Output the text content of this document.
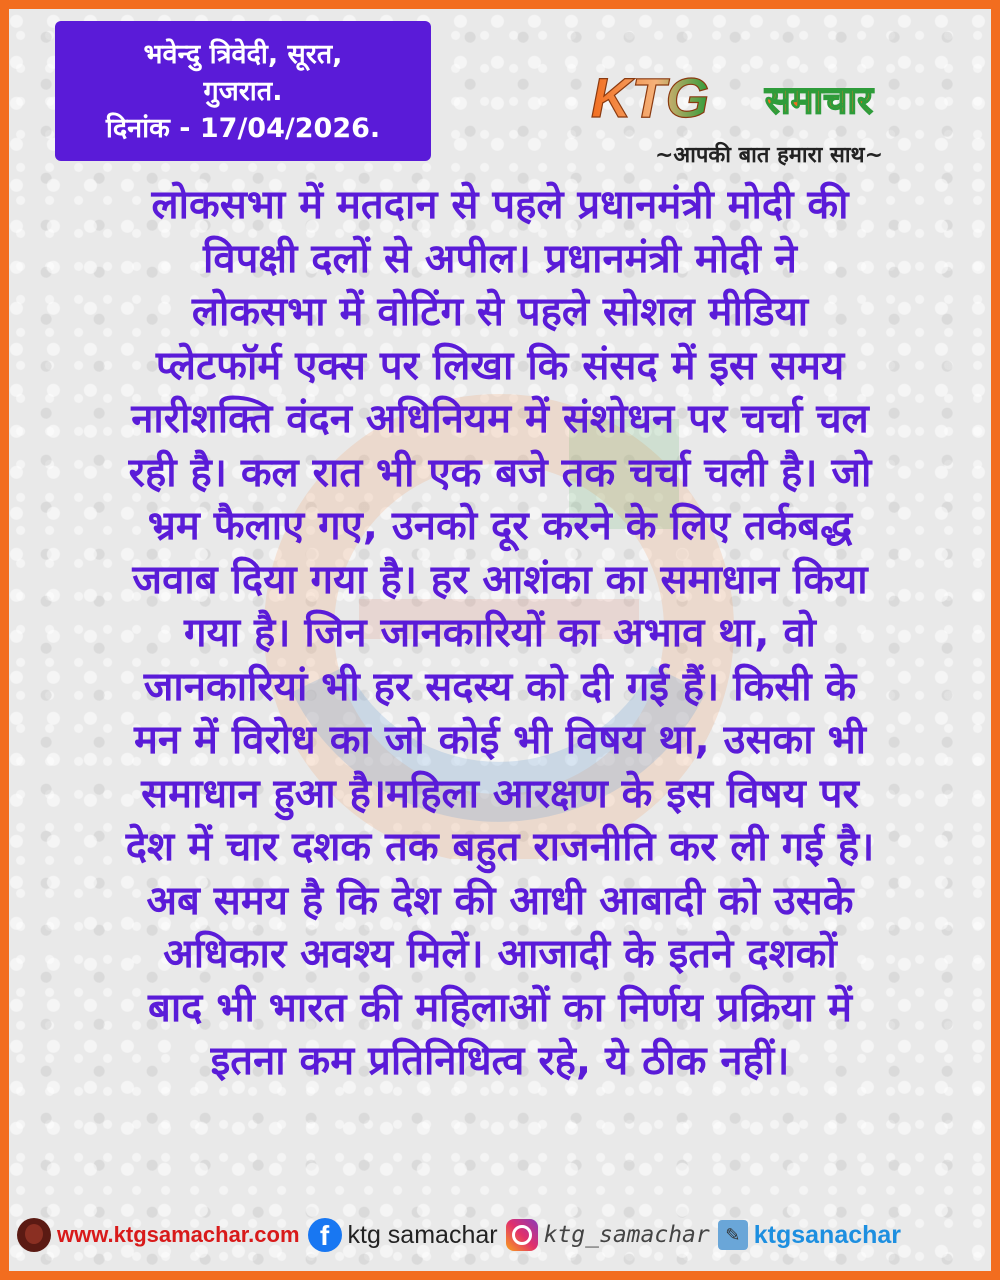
भवेन्दु त्रिवेदी, सूरत,
गुजरात.
दिनांक - 17/04/2026.	KTG समाचार
~आपकी बात हमारा साथ~
लोकसभा में मतदान से पहले प्रधानमंत्री मोदी की
विपक्षी दलों से अपील। प्रधानमंत्री मोदी ने
लोकसभा में वोटिंग से पहले सोशल मीडिया
प्लेटफॉर्म एक्स पर लिखा कि संसद में इस समय
नारीशक्ति वंदन अधिनियम में संशोधन पर चर्चा चल
रही है। कल रात भी एक बजे तक चर्चा चली है। जो
भ्रम फैलाए गए, उनको दूर करने के लिए तर्कबद्ध
जवाब दिया गया है। हर आशंका का समाधान किया
गया है। जिन जानकारियों का अभाव था, वो
जानकारियां भी हर सदस्य को दी गई हैं। किसी के
मन में विरोध का जो कोई भी विषय था, उसका भी
समाधान हुआ है।महिला आरक्षण के इस विषय पर
देश में चार दशक तक बहुत राजनीति कर ली गई है।
अब समय है कि देश की आधी आबादी को उसके
अधिकार अवश्य मिलें। आजादी के इतने दशकों
बाद भी भारत की महिलाओं का निर्णय प्रक्रिया में
इतना कम प्रतिनिधित्व रहे, ये ठीक नहीं।
www.ktgsamachar.com f ktg samachar ktg_samachar ✎ ktgsanachar
